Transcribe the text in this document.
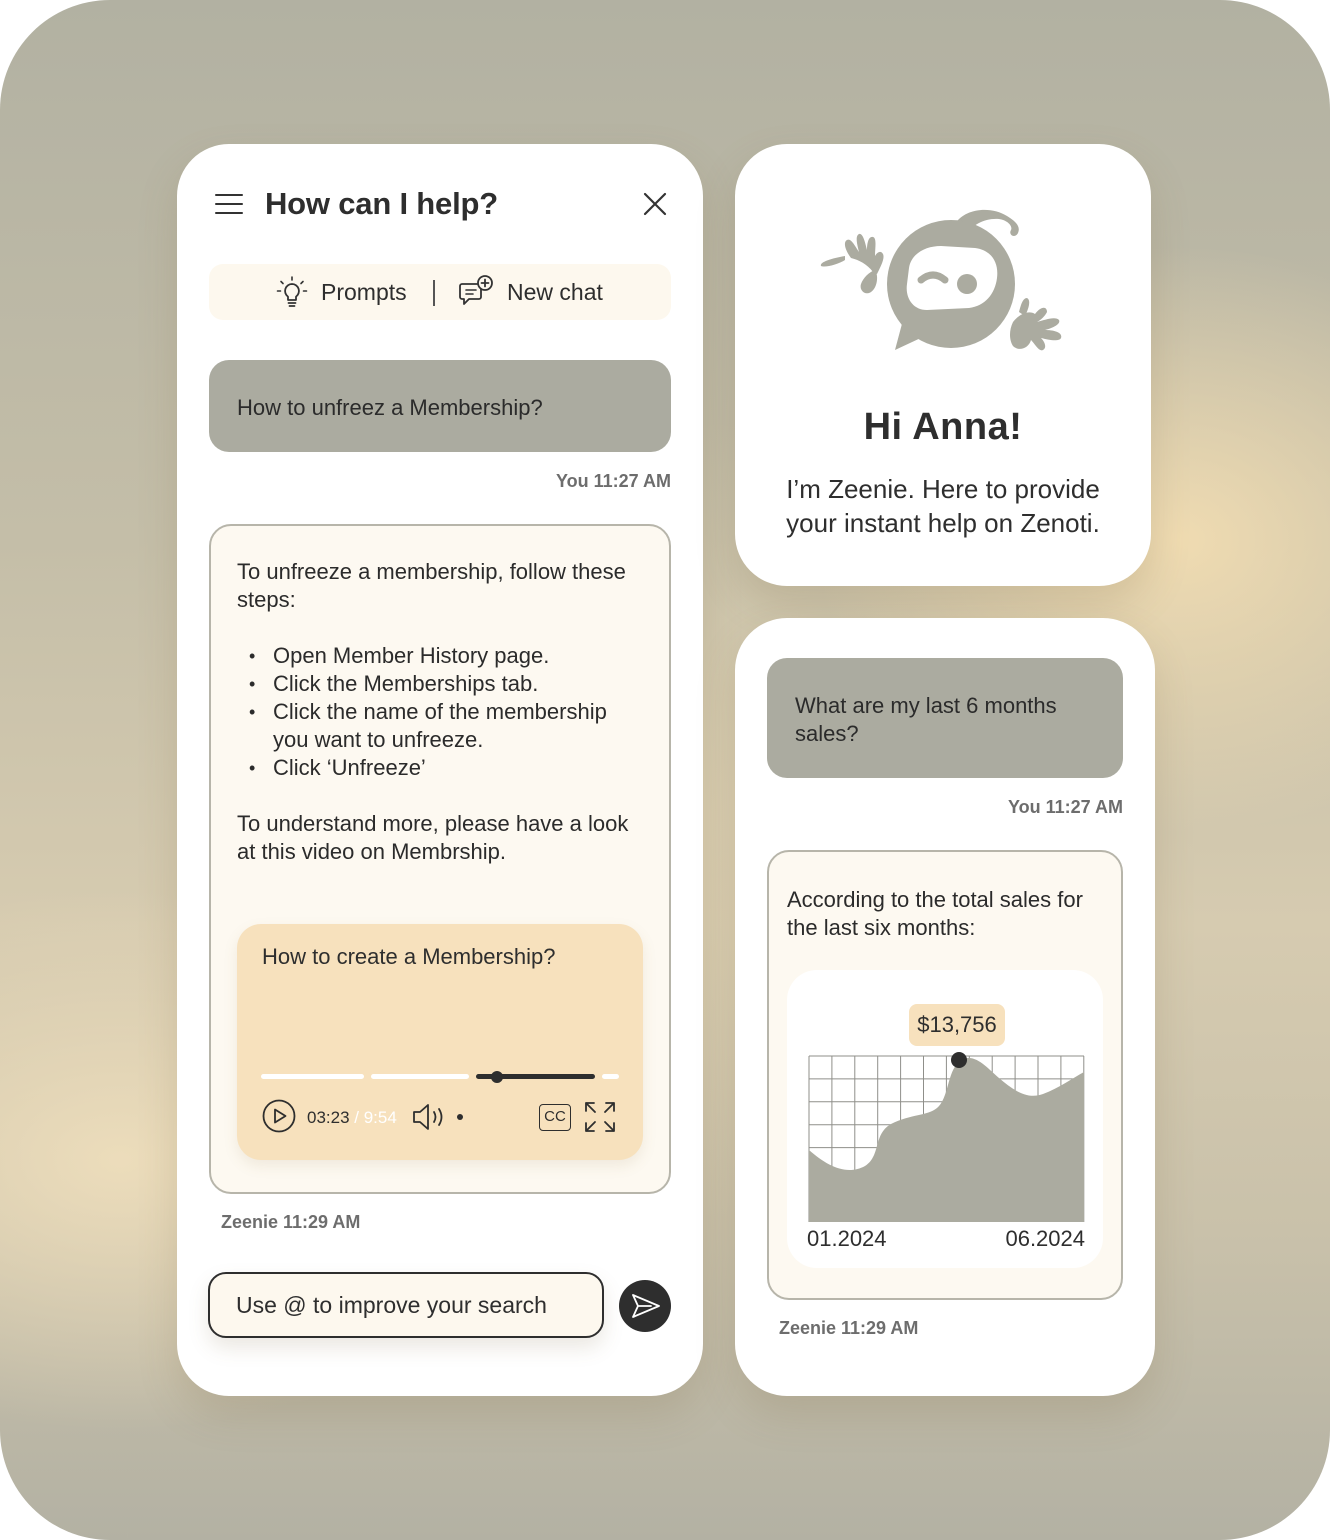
How can I help?
Prompts	New chat
How to unfreez a Membership?
You 11:27 AM
To unfreeze a membership, follow these steps:
• Open Member History page.
• Click the Memberships tab.
• Click the name of the membership you want to unfreeze.
• Click ‘Unfreeze’
To understand more, please have a look at this video on Membrship.
How to create a Membership?
03:23 / 9:54	CC
Zeenie 11:29 AM
Use @ to improve your search
Hi Anna!
I’m Zeenie. Here to provide your instant help on Zenoti.
What are my last 6 months sales?
You 11:27 AM
According to the total sales for the last six months:
$13,756
01.2024	06.2024
Zeenie 11:29 AM
